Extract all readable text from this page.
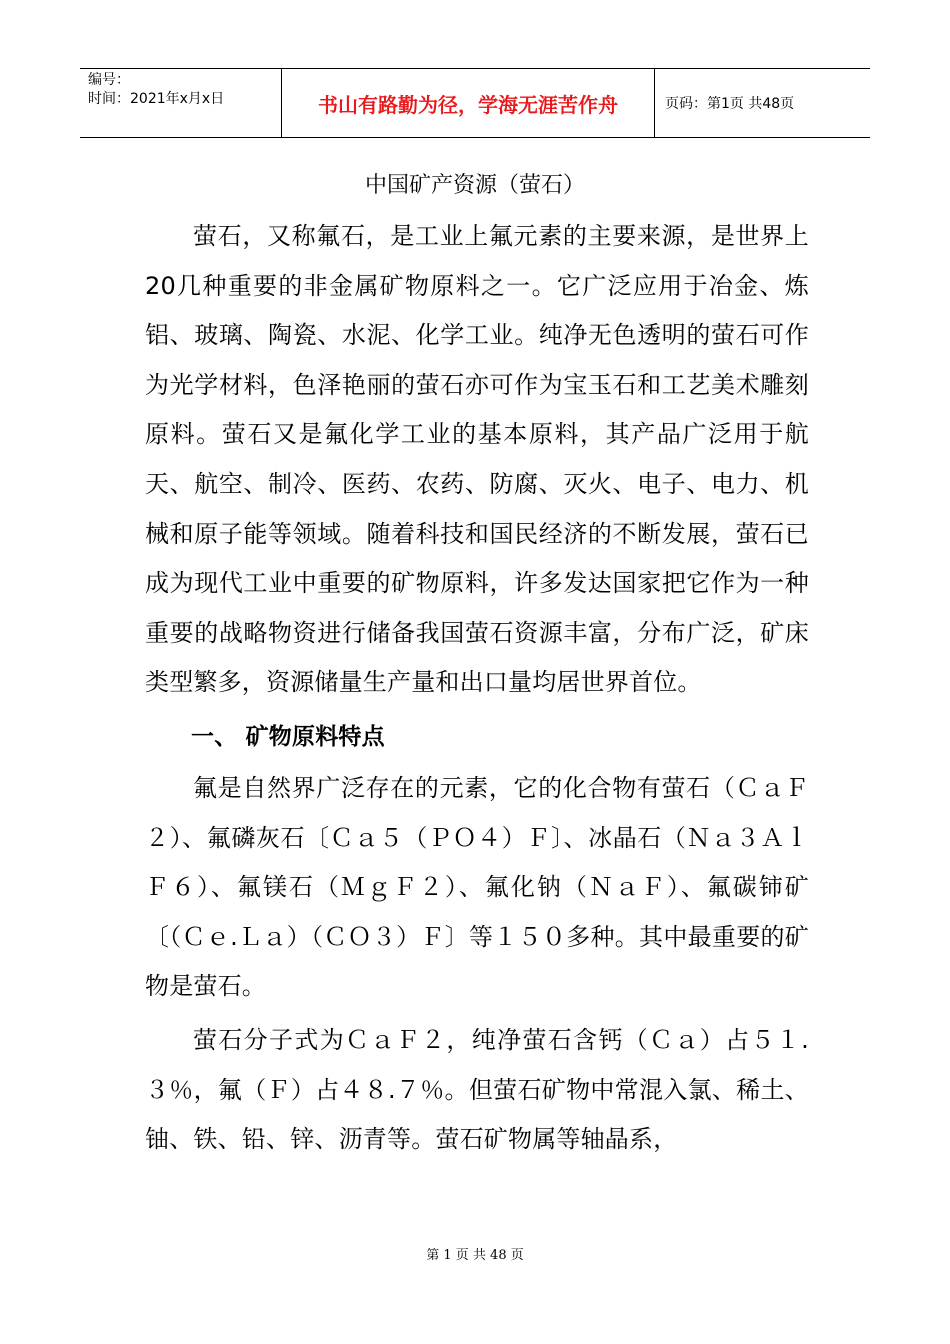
编号：
时间：2021年x月x日	书山有路勤为径，学海无涯苦作舟	页码：第1页 共48页
中国矿产资源（萤石）

萤石，又称氟石，是工业上氟元素的主要来源，是世界上20几种重要的非金属矿物原料之一。它广泛应用于冶金、炼铝、玻璃、陶瓷、水泥、化学工业。纯净无色透明的萤石可作为光学材料，色泽艳丽的萤石亦可作为宝玉石和工艺美术雕刻原料。萤石又是氟化学工业的基本原料，其产品广泛用于航天、航空、制冷、医药、农药、防腐、灭火、电子、电力、机械和原子能等领域。随着科技和国民经济的不断发展，萤石已成为现代工业中重要的矿物原料，许多发达国家把它作为一种重要的战略物资进行储备我国萤石资源丰富，分布广泛，矿床类型繁多，资源储量生产量和出口量均居世界首位。

一、 矿物原料特点

氟是自然界广泛存在的元素，它的化合物有萤石（ＣａＦ２）、氟磷灰石〔Ｃａ５（ＰＯ４）Ｆ〕、冰晶石（Ｎａ３ＡｌＦ６）、氟镁石（ＭｇＦ２）、氟化钠（ＮａＦ）、氟碳铈矿〔（Ｃｅ.Ｌａ）（ＣＯ３）Ｆ〕等１５０多种。其中最重要的矿物是萤石。

萤石分子式为ＣａＦ２，纯净萤石含钙（Ｃａ）占５１.３％，氟（Ｆ）占４８.７％。但萤石矿物中常混入氯、稀土、铀、铁、铅、锌、沥青等。萤石矿物属等轴晶系，

第 1 页 共 48 页
